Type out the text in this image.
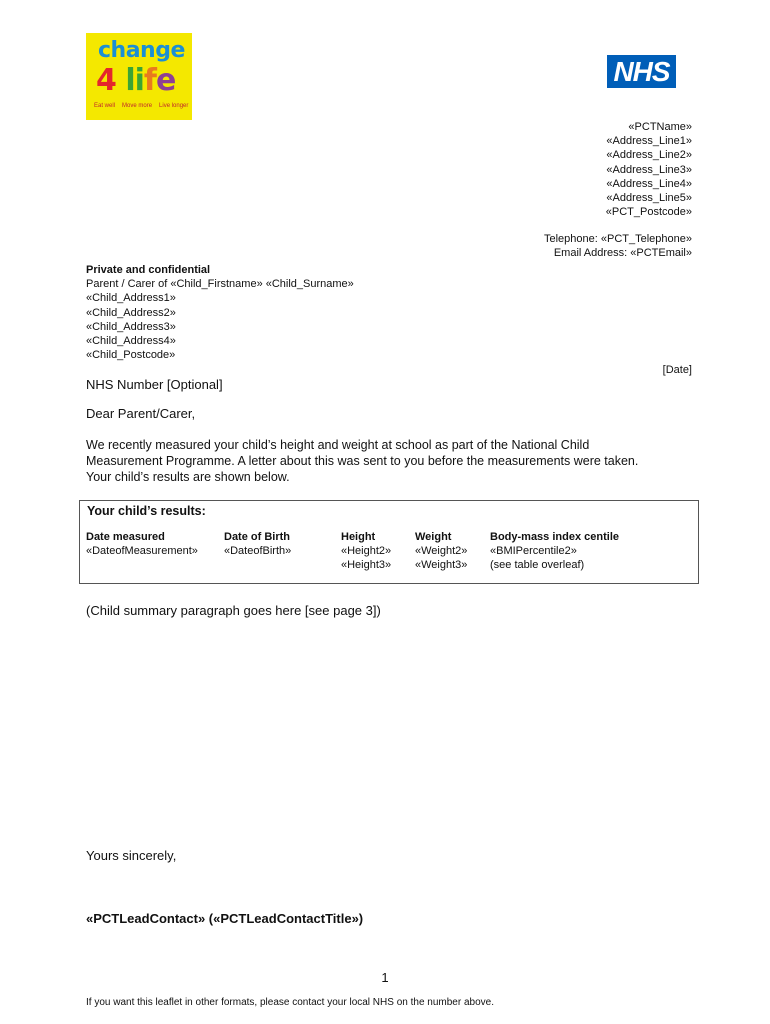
change
4 life
Eat well Move more Live longer
NHS
«PCTName»
«Address_Line1»
«Address_Line2»
«Address_Line3»
«Address_Line4»
«Address_Line5»
«PCT_Postcode»
Telephone: «PCT_Telephone»
Email Address: «PCTEmail»
Private and confidential
Parent / Carer of «Child_Firstname» «Child_Surname»
«Child_Address1»
«Child_Address2»
«Child_Address3»
«Child_Address4»
«Child_Postcode»
[Date]
NHS Number [Optional]
Dear Parent/Carer,
We recently measured your child’s height and weight at school as part of the National Child
Measurement Programme. A letter about this was sent to you before the measurements were taken.
Your child’s results are shown below.
Your child’s results:
Date measured
«DateofMeasurement»
Date of Birth
«DateofBirth»
Height
«Height2»
«Height3»
Weight
«Weight2»
«Weight3»
Body-mass index centile
«BMIPercentile2»
(see table overleaf)
(Child summary paragraph goes here [see page 3])
Yours sincerely,
«PCTLeadContact» («PCTLeadContactTitle»)
1
If you want this leaflet in other formats, please contact your local NHS on the number above.
